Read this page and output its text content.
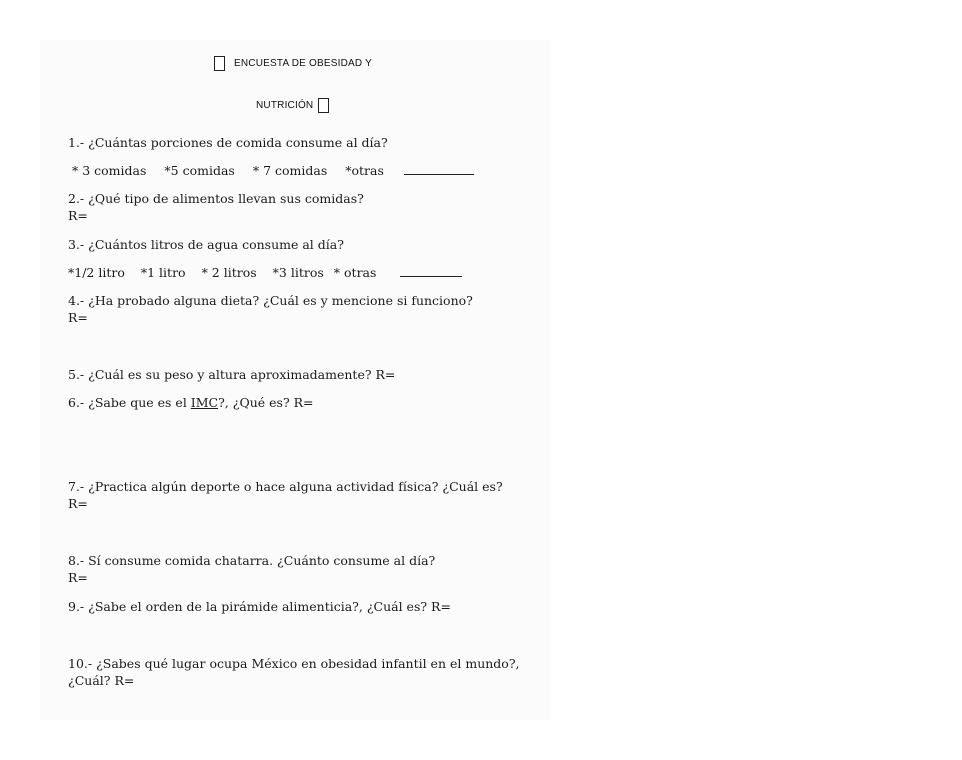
ENCUESTA DE OBESIDAD Y
NUTRICIÓN
1.- ¿Cuántas porciones de comida consume al día?
* 3 comidas *5 comidas * 7 comidas *otras
2.- ¿Qué tipo de alimentos llevan sus comidas?
R=
3.- ¿Cuántos litros de agua consume al día?
*1/2 litro *1 litro * 2 litros *3 litros * otras
4.- ¿Ha probado alguna dieta? ¿Cuál es y mencione si funciono?
R=
5.- ¿Cuál es su peso y altura aproximadamente? R=
6.- ¿Sabe que es el IMC?, ¿Qué es? R=
7.- ¿Practica algún deporte o hace alguna actividad física? ¿Cuál es?
R=
8.- Sí consume comida chatarra. ¿Cuánto consume al día?
R=
9.- ¿Sabe el orden de la pirámide alimenticia?, ¿Cuál es? R=
10.- ¿Sabes qué lugar ocupa México en obesidad infantil en el mundo?,
¿Cuál? R=
